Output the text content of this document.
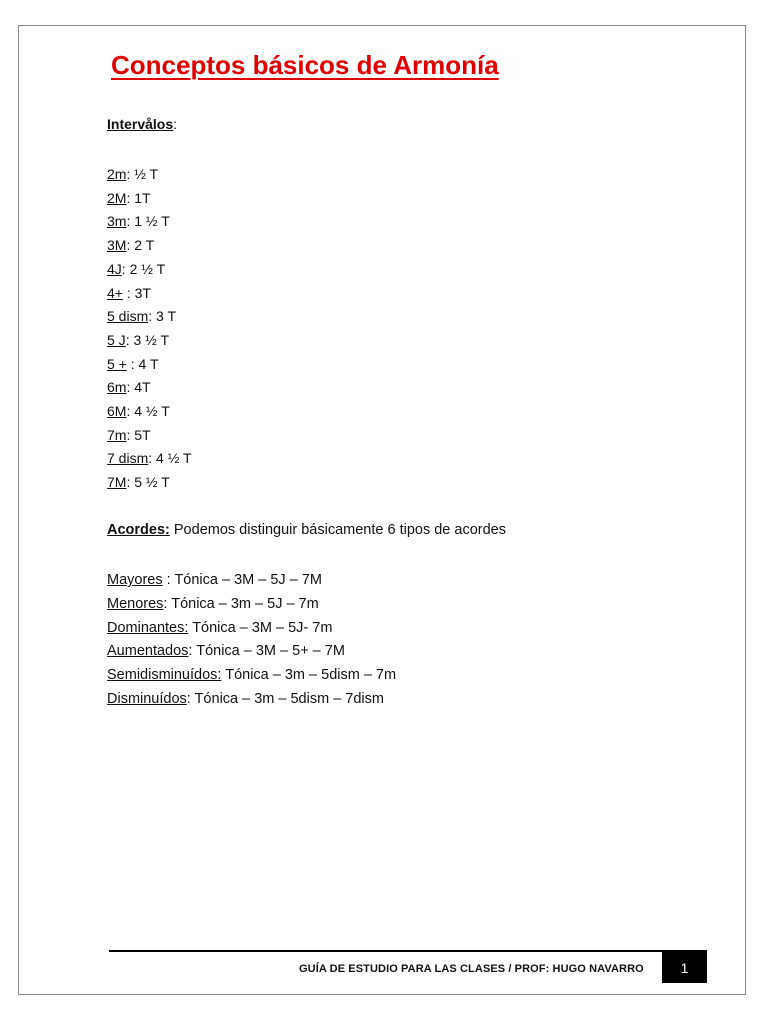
Conceptos básicos de Armonía
Intervålos:
2m: ½ T
2M: 1T
3m: 1 ½ T
3M: 2 T
4J: 2 ½ T
4+ : 3T
5 dism: 3 T
5 J: 3 ½ T
5 + : 4 T
6m: 4T
6M: 4 ½ T
7m: 5T
7 dism: 4 ½ T
7M: 5 ½ T
Acordes: Podemos distinguir básicamente 6 tipos de acordes
Mayores : Tónica – 3M – 5J – 7M
Menores: Tónica – 3m – 5J – 7m
Dominantes: Tónica – 3M – 5J- 7m
Aumentados: Tónica – 3M – 5+ – 7M
Semidisminuídos: Tónica – 3m – 5dism – 7m
Disminuídos: Tónica – 3m – 5dism – 7dism
GUÍA DE ESTUDIO PARA LAS CLASES / PROF: HUGO NAVARRO	1
